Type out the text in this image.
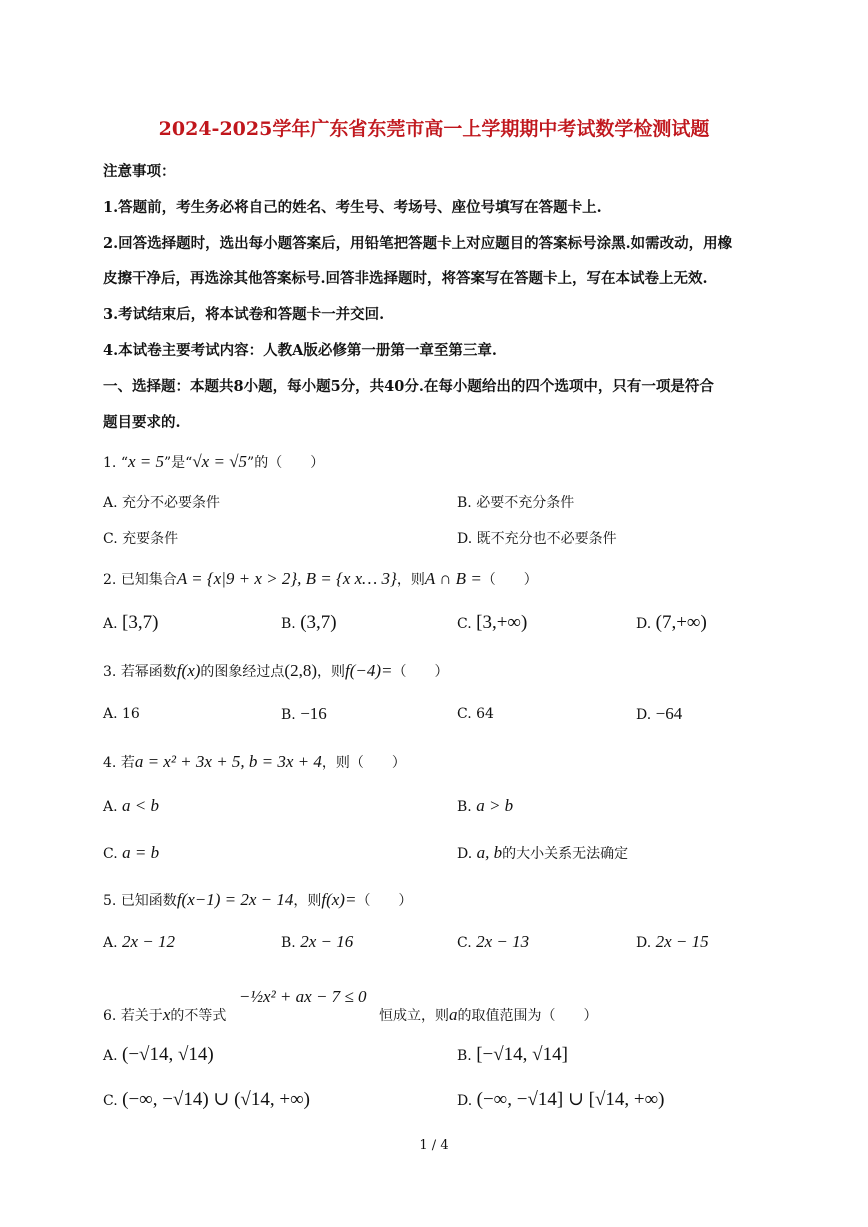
2024-2025学年广东省东莞市高一上学期期中考试数学检测试题
注意事项：
1.答题前，考生务必将自己的姓名、考生号、考场号、座位号填写在答题卡上.
2.回答选择题时，选出每小题答案后，用铅笔把答题卡上对应题目的答案标号涂黑.如需改动，用橡
皮擦干净后，再选涂其他答案标号.回答非选择题时，将答案写在答题卡上，写在本试卷上无效.
3.考试结束后，将本试卷和答题卡一并交回.
4.本试卷主要考试内容：人教A版必修第一册第一章至第三章.
一、选择题：本题共8小题，每小题5分，共40分.在每小题给出的四个选项中，只有一项是符合
题目要求的.
1. “x = 5”是“√x = √5”的（　　）
A. 充分不必要条件	B. 必要不充分条件
C. 充要条件	D. 既不充分也不必要条件
2. 已知集合A = {x|9 + x > 2}, B = {x x… 3}，则A ∩ B =（　　）
A. [3,7)	B. (3,7)	C. [3,+∞)	D. (7,+∞)
3. 若幂函数f(x)的图象经过点(2,8)，则f(−4)=（　　）
A. 16	B. −16	C. 64	D. −64
4. 若a = x² + 3x + 5, b = 3x + 4，则（　　）
A. a < b	B. a > b
C. a = b	D. a, b的大小关系无法确定
5. 已知函数f(x−1) = 2x − 14，则f(x)=（　　）
A. 2x − 12	B. 2x − 16	C. 2x − 13	D. 2x − 15
6. 若关于x的不等式 −½x² + ax − 7 ≤ 0 恒成立，则a的取值范围为（　　）
A. (−√14, √14)	B. [−√14, √14]
C. (−∞, −√14) ∪ (√14, +∞)	D. (−∞, −√14] ∪ [√14, +∞)
1 / 4
